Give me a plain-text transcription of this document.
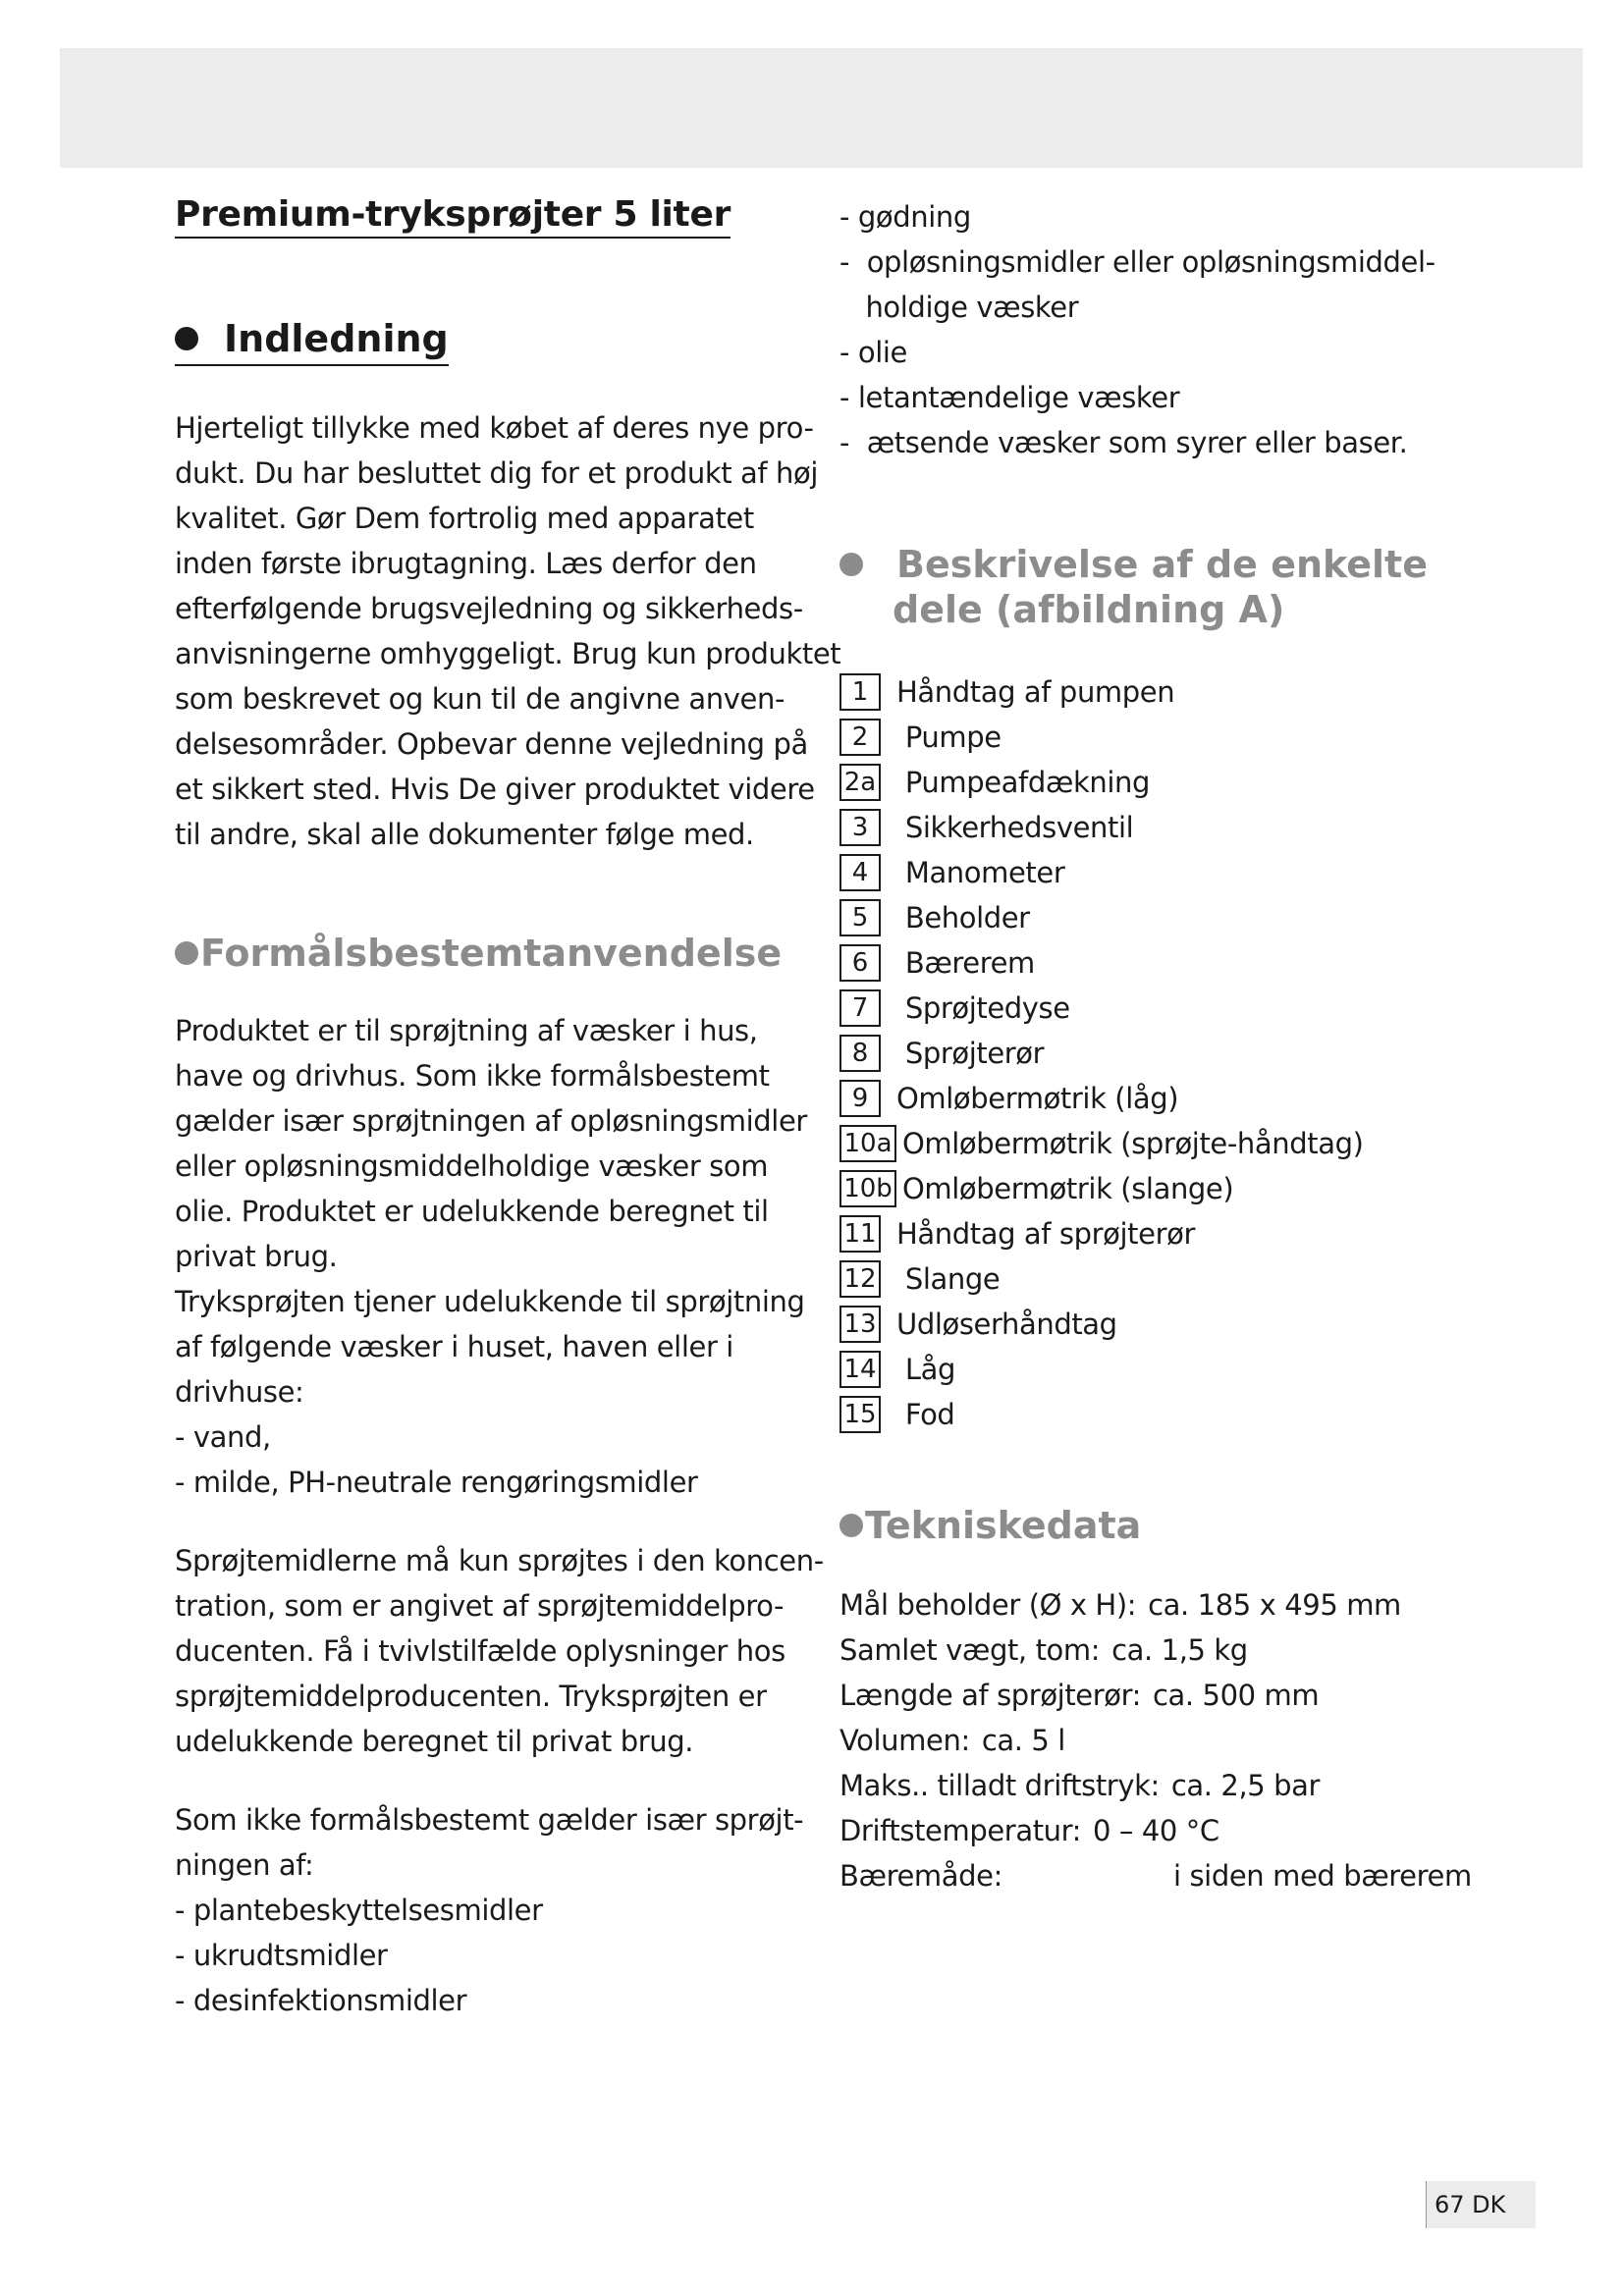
Premium-tryksprøjter 5 liter
Indledning

Hjerteligt tillykke med købet af deres nye pro-
dukt. Du har besluttet dig for et produkt af høj
kvalitet. Gør Dem fortrolig med apparatet
inden første ibrugtagning. Læs derfor den
efterfølgende brugsvejledning og sikkerheds-
anvisningerne omhyggeligt. Brug kun produktet
som beskrevet og kun til de angivne anven-
delsesområder. Opbevar denne vejledning på
et sikkert sted. Hvis De giver produktet videre
til andre, skal alle dokumenter følge med.

Formålsbestemtanvendelse

Produktet er til sprøjtning af væsker i hus,
have og drivhus. Som ikke formålsbestemt
gælder især sprøjtningen af opløsningsmidler
eller opløsningsmiddelholdige væsker som
olie. Produktet er udelukkende beregnet til
privat brug.
Tryksprøjten tjener udelukkende til sprøjtning
af følgende væsker i huset, haven eller i
drivhuse:
- vand,
- milde, PH-neutrale rengøringsmidler

Sprøjtemidlerne må kun sprøjtes i den koncen-
tration, som er angivet af sprøjtemiddelpro-
ducenten. Få i tvivlstilfælde oplysninger hos
sprøjtemiddelproducenten. Tryksprøjten er
udelukkende beregnet til privat brug.

Som ikke formålsbestemt gælder især sprøjt-
ningen af:
- plantebeskyttelsesmidler
- ukrudtsmidler
- desinfektionsmidler

- gødning
-  opløsningsmidler eller opløsningsmiddel-
holdige væsker
- olie
- letantændelige væsker
-  ætsende væsker som syrer eller baser.

Beskrivelse af de enkelte
dele (afbildning A)
1 Håndtag af pumpen
2 Pumpe
2a Pumpeafdækning
3 Sikkerhedsventil
4 Manometer
5 Beholder
6 Bærerem
7 Sprøjtedyse
8 Sprøjterør
9 Omløbermøtrik (låg)
10a Omløbermøtrik (sprøjte-håndtag)
10b Omløbermøtrik (slange)
11 Håndtag af sprøjterør
12 Slange
13 Udløserhåndtag
14 Låg
15 Fod
Tekniskedata
Mål beholder (Ø x H): ca. 185 x 495 mm
Samlet vægt, tom: ca. 1,5 kg
Længde af sprøjterør: ca. 500 mm
Volumen: ca. 5 l
Maks.. tilladt driftstryk: ca. 2,5 bar
Driftstemperatur: 0 – 40 °C
Bæremåde:	i siden med bærerem
67 DK
